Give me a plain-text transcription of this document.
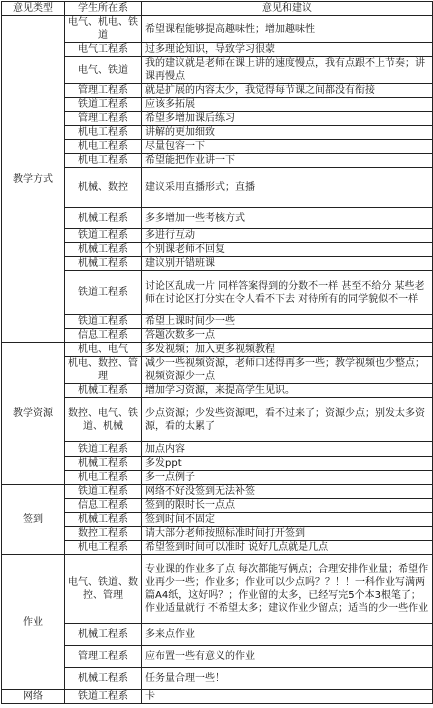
意见类型	学生所在系	意见和建议
教学方式	电气、机电、铁道	希望课程能够提高趣味性；增加趣味性
	电气工程系	过多理论知识，导致学习很蒙
	电气、铁道	我的建议就是老师在课上讲的速度慢点，我有点跟不上节奏；讲课再慢点
	管理工程系	就是扩展的内容太少，我觉得每节课之间都没有衔接
	铁道工程系	应该多拓展
	管理工程系	希望多增加课后练习
	机电工程系	讲解的更加细致
	机电工程系	尽量包容一下
	机电工程系	希望能把作业讲一下
	机械、数控	建议采用直播形式；直播
	机械工程系	多多增加一些考核方式
	铁道工程系	多进行互动
	机械工程系	个别课老师不回复
	机械工程系	建议别开错班课
	铁道工程系	讨论区乱成一片 同样答案得到的分数不一样 甚至不给分 某些老师在讨论区打分实在令人看不下去 对待所有的同学貌似不一样
	铁道工程系	希望上课时间少一些
	信息工程系	答题次数多一点
教学资源	机电、电气	多发视频；加入更多视频教程
	机电、数控、管理	减少一些视频资源，老师口述得再多一些；教学视频也少整点；视频资源少一点
	机械工程系	增加学习资源，来提高学生见识。
	数控、电气、铁道、机械	少点资源；少发些资源吧，看不过来了；资源少点；别发太多资源，看的太累了
	铁道工程系	加点内容
	机械工程系	多发ppt
	机电工程系	多一点例子
签到	铁道工程系	网络不好没签到无法补签
	信息工程系	签到的限时长一点点
	机械工程系	签到时间不固定
	数控工程系	请大部分老师按照标准时间打开签到
	机电工程系	希望签到时间可以准时 说好几点就是几点
作业	电气、铁道、数控、管理	专业课的作业多了点 每次都能写俩点；合理安排作业量；希望作业再少一些；作业多；作业可以少点吗？？！！一科作业写满两篇A4纸，这好吗？；作业留的太多，已经写完5个本3根笔了；作业适量就行 不希望太多；建议作业少留点；适当的少一些作业
	机械工程系	多来点作业
	管理工程系	应布置一些有意义的作业
	机械工程系	任务量合理一些！
网络	铁道工程系	卡
